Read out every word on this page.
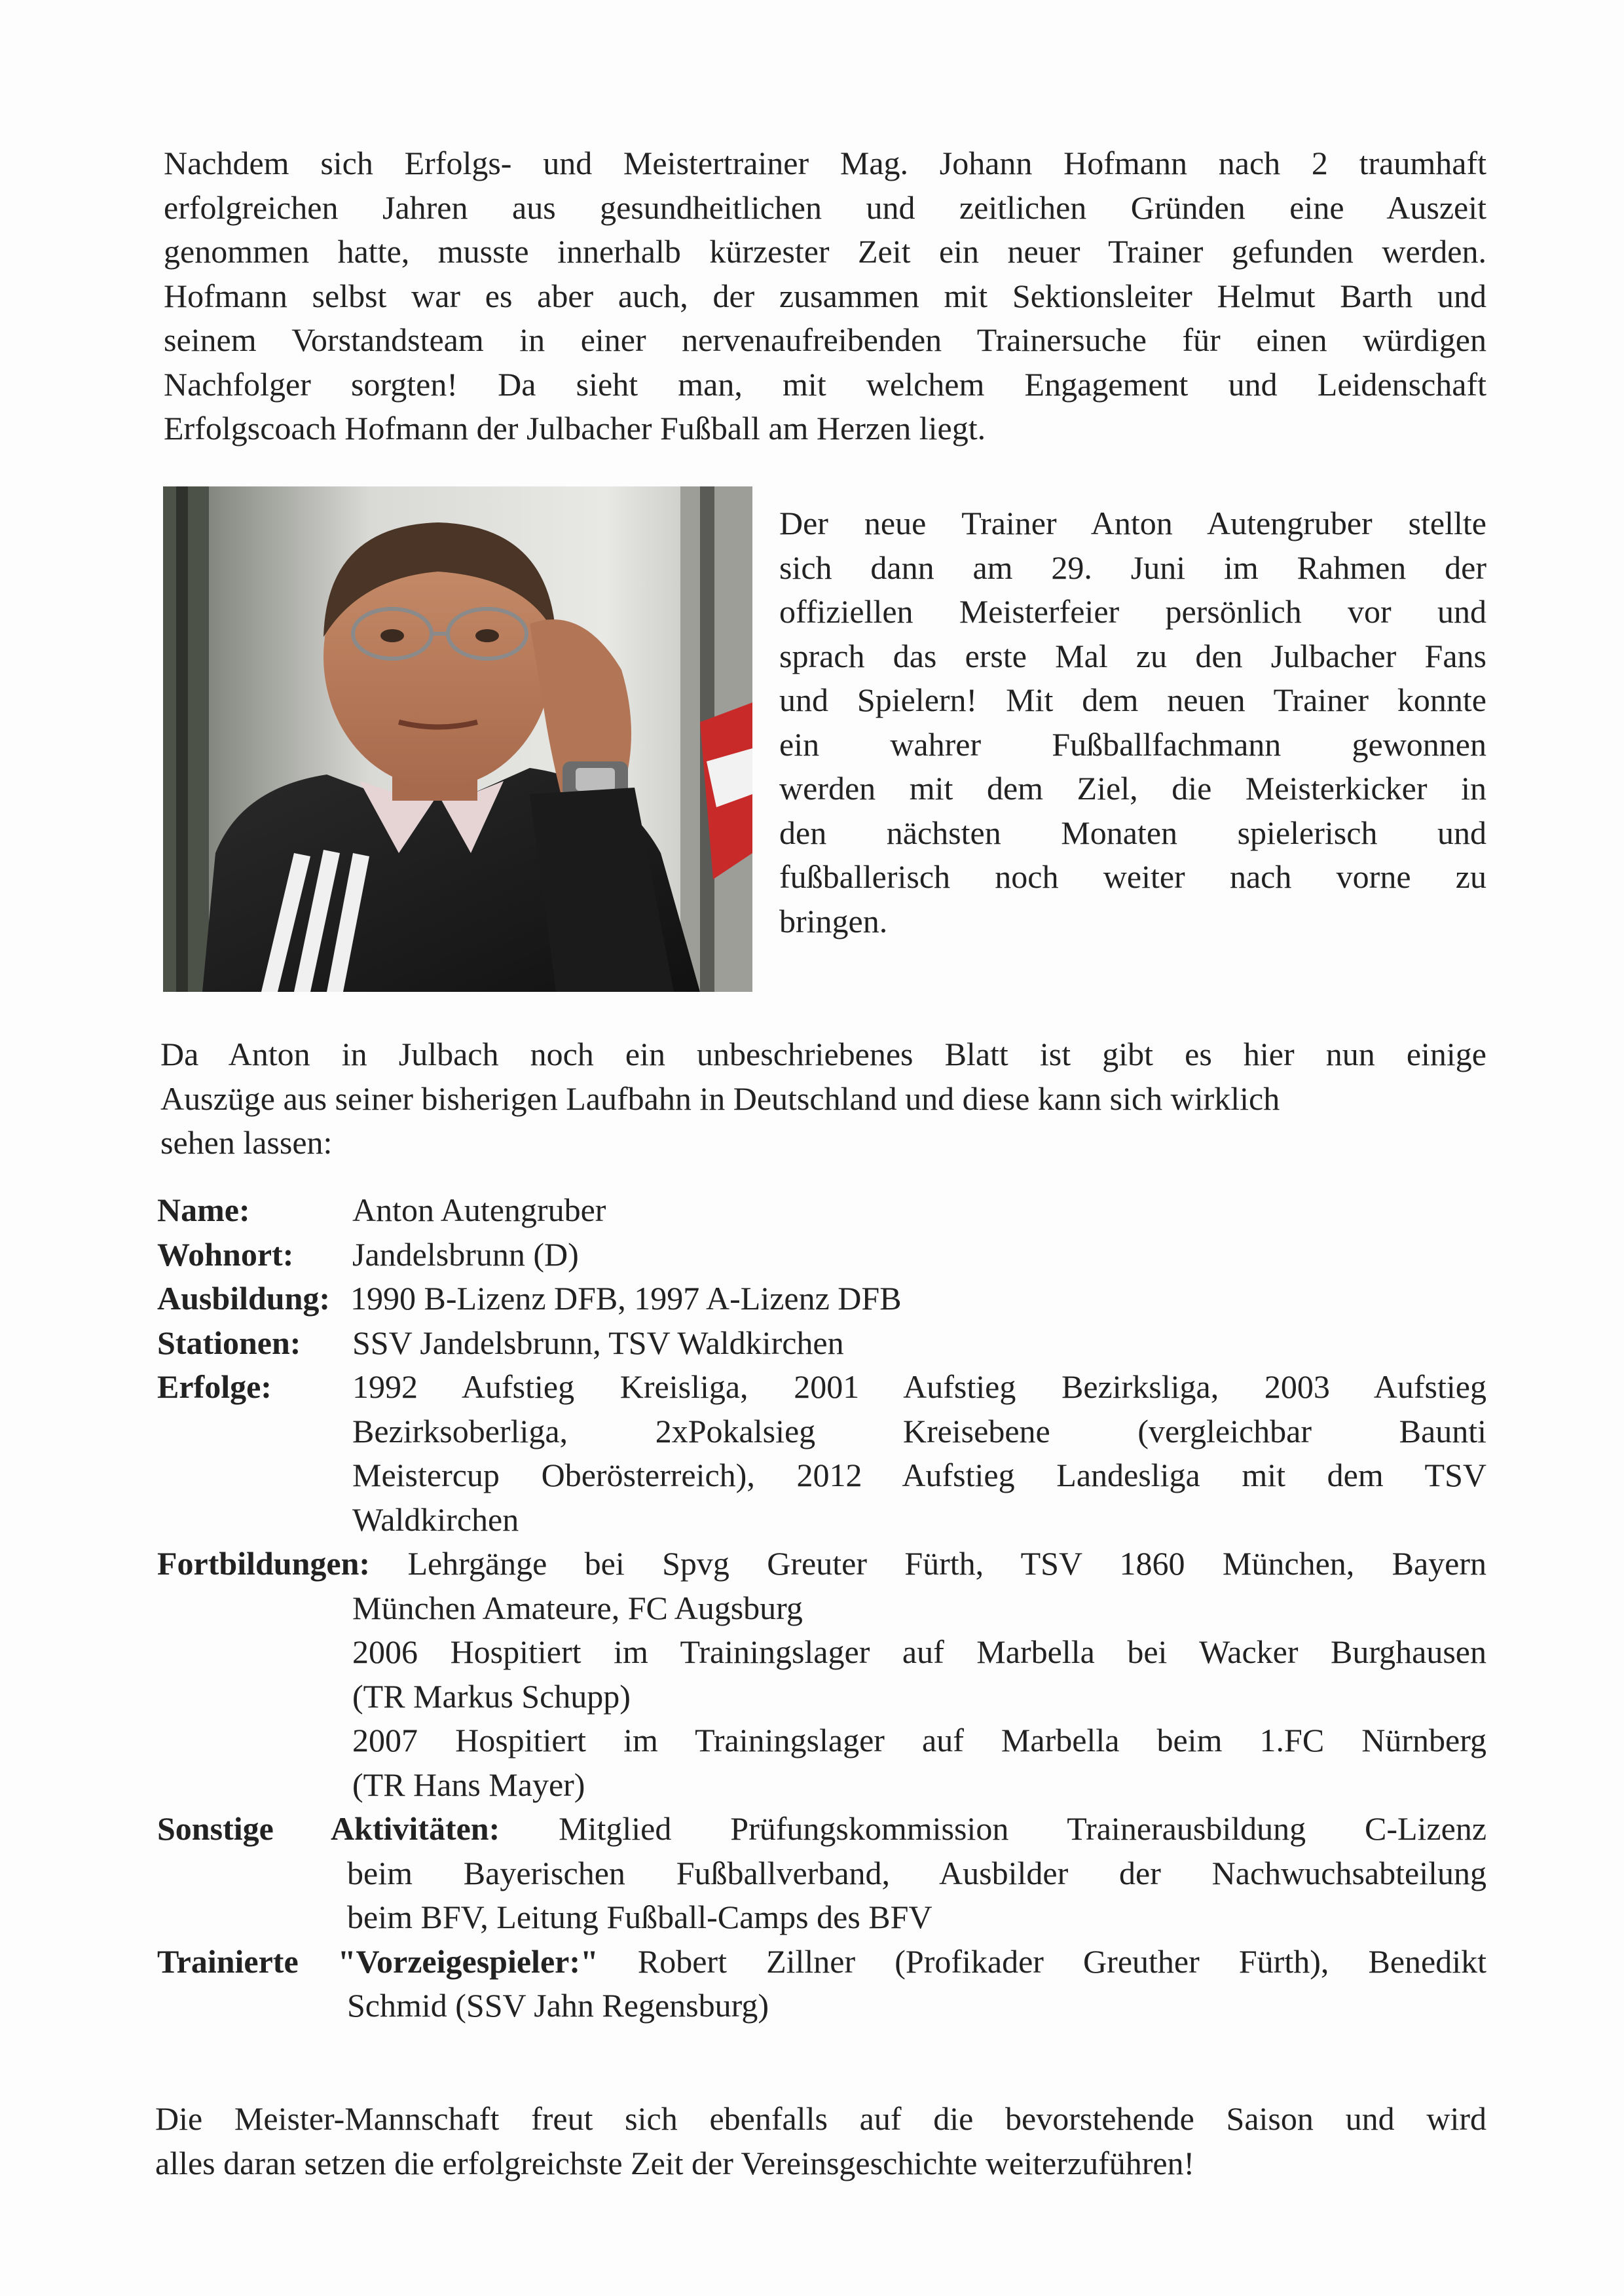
Nachdem sich Erfolgs- und Meistertrainer Mag. Johann Hofmann nach 2 traumhaft
erfolgreichen Jahren aus gesundheitlichen und zeitlichen Gründen eine Auszeit
genommen hatte, musste innerhalb kürzester Zeit ein neuer Trainer gefunden werden.
Hofmann selbst war es aber auch, der zusammen mit Sektionsleiter Helmut Barth und
seinem Vorstandsteam in einer nervenaufreibenden Trainersuche für einen würdigen
Nachfolger sorgten! Da sieht man, mit welchem Engagement und Leidenschaft
Erfolgscoach Hofmann der Julbacher Fußball am Herzen liegt.

Der neue Trainer Anton Autengruber stellte
sich dann am 29. Juni im Rahmen der
offiziellen Meisterfeier persönlich vor und
sprach das erste Mal zu den Julbacher Fans
und Spielern! Mit dem neuen Trainer konnte
ein wahrer Fußballfachmann gewonnen
werden mit dem Ziel, die Meisterkicker in
den nächsten Monaten spielerisch und
fußballerisch noch weiter nach vorne zu
bringen.

Da Anton in Julbach noch ein unbeschriebenes Blatt ist gibt es hier nun einige
Auszüge aus seiner bisherigen Laufbahn in Deutschland und diese kann sich wirklich
sehen lassen:

Name:	Anton Autengruber
Wohnort: Jandelsbrunn (D)
Ausbildung: 1990 B-Lizenz DFB, 1997 A-Lizenz DFB
Stationen: SSV Jandelsbrunn, TSV Waldkirchen
Erfolge: 1992 Aufstieg Kreisliga, 2001 Aufstieg Bezirksliga, 2003 Aufstieg
Bezirksoberliga, 2xPokalsieg Kreisebene (vergleichbar Baunti
Meistercup Oberösterreich), 2012 Aufstieg Landesliga mit dem TSV
Waldkirchen
Fortbildungen: Lehrgänge bei Spvg Greuter Fürth, TSV 1860 München, Bayern
München Amateure, FC Augsburg
2006 Hospitiert im Trainingslager auf Marbella bei Wacker Burghausen
(TR Markus Schupp)
2007 Hospitiert im Trainingslager auf Marbella beim 1.FC Nürnberg
(TR Hans Mayer)
Sonstige Aktivitäten: Mitglied Prüfungskommission Trainerausbildung C-Lizenz
beim Bayerischen Fußballverband, Ausbilder der Nachwuchsabteilung
beim BFV, Leitung Fußball-Camps des BFV
Trainierte "Vorzeigespieler:" Robert Zillner (Profikader Greuther Fürth), Benedikt
Schmid (SSV Jahn Regensburg)

Die Meister-Mannschaft freut sich ebenfalls auf die bevorstehende Saison und wird
alles daran setzen die erfolgreichste Zeit der Vereinsgeschichte weiterzuführen!
